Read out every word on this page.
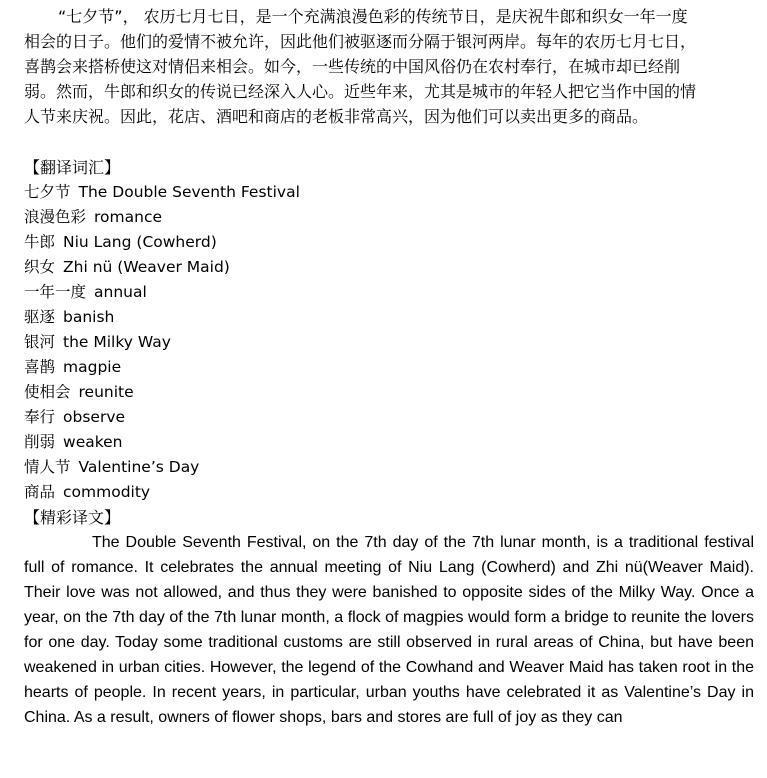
“七夕节”， 农历七月七日，是一个充满浪漫色彩的传统节日，是庆祝牛郎和织女一年一度相会的日子。他们的爱情不被允许，因此他们被驱逐而分隔于银河两岸。每年的农历七月七日，喜鹊会来搭桥使这对情侣来相会。如今，一些传统的中国风俗仍在农村奉行，在城市却已经削弱。然而，牛郎和织女的传说已经深入人心。近些年来，尤其是城市的年轻人把它当作中国的情人节来庆祝。因此，花店、酒吧和商店的老板非常高兴，因为他们可以卖出更多的商品。

【翻译词汇】

七夕节 The Double Seventh Festival
浪漫色彩 romance
牛郎 Niu Lang (Cowherd)
织女 Zhi nü (Weaver Maid)
一年一度 annual
驱逐 banish
银河 the Milky Way
喜鹊 magpie
使相会 reunite
奉行 observe
削弱 weaken
情人节 Valentine’s Day
商品 commodity

【精彩译文】

The Double Seventh Festival, on the 7th day of the 7th lunar month, is a traditional festival full of romance. It celebrates the annual meeting of Niu Lang (Cowherd) and Zhi nü(Weaver Maid). Their love was not allowed, and thus they were banished to opposite sides of the Milky Way. Once a year, on the 7th day of the 7th lunar month, a flock of magpies would form a bridge to reunite the lovers for one day. Today some traditional customs are still observed in rural areas of China, but have been weakened in urban cities. However, the legend of the Cowhand and Weaver Maid has taken root in the hearts of people. In recent years, in particular, urban youths have celebrated it as Valentine’s Day in China. As a result, owners of flower shops, bars and stores are full of joy as they can
